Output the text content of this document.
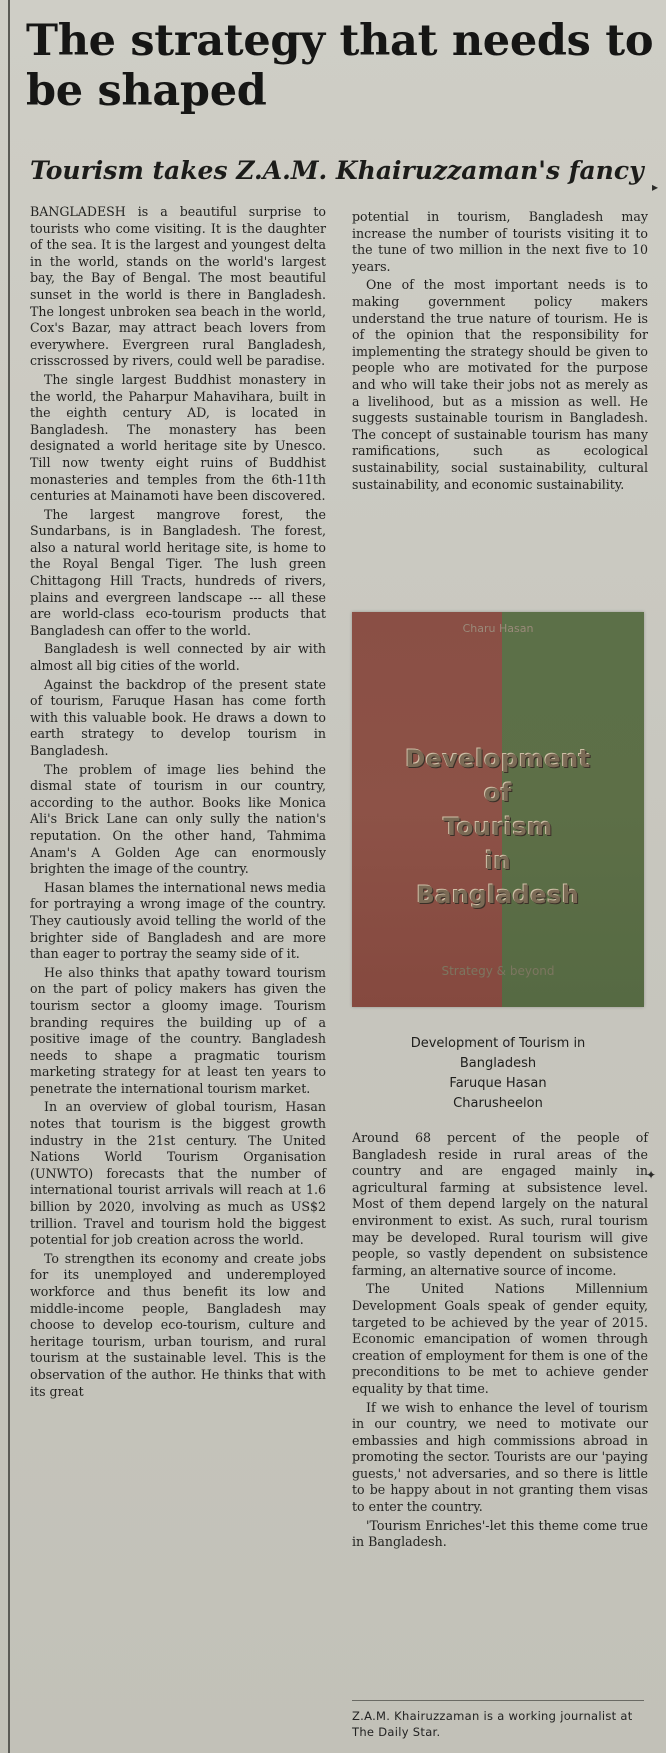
The strategy that needs to be shaped
Tourism takes Z.A.M. Khairuzzaman's fancy

BANGLADESH is a beautiful surprise to tourists who come visiting. It is the daughter of the sea. It is the largest and youngest delta in the world, stands on the world's largest bay, the Bay of Bengal. The most beautiful sunset in the world is there in Bangladesh. The longest unbroken sea beach in the world, Cox's Bazar, may attract beach lovers from everywhere. Evergreen rural Bangladesh, crisscrossed by rivers, could well be paradise.

The single largest Buddhist monastery in the world, the Paharpur Mahavihara, built in the eighth century AD, is located in Bangladesh. The monastery has been designated a world heritage site by Unesco. Till now twenty eight ruins of Buddhist monasteries and temples from the 6th-11th centuries at Mainamoti have been discovered.

The largest mangrove forest, the Sundarbans, is in Bangladesh. The forest, also a natural world heritage site, is home to the Royal Bengal Tiger. The lush green Chittagong Hill Tracts, hundreds of rivers, plains and evergreen landscape --- all these are world-class eco-tourism products that Bangladesh can offer to the world.

Bangladesh is well connected by air with almost all big cities of the world.

Against the backdrop of the present state of tourism, Faruque Hasan has come forth with this valuable book. He draws a down to earth strategy to develop tourism in Bangladesh.

The problem of image lies behind the dismal state of tourism in our country, according to the author. Books like Monica Ali's Brick Lane can only sully the nation's reputation. On the other hand, Tahmima Anam's A Golden Age can enormously brighten the image of the country.

Hasan blames the international news media for portraying a wrong image of the country. They cautiously avoid telling the world of the brighter side of Bangladesh and are more than eager to portray the seamy side of it.

He also thinks that apathy toward tourism on the part of policy makers has given the tourism sector a gloomy image. Tourism branding requires the building up of a positive image of the country. Bangladesh needs to shape a pragmatic tourism marketing strategy for at least ten years to penetrate the international tourism market.

In an overview of global tourism, Hasan notes that tourism is the biggest growth industry in the 21st century. The United Nations World Tourism Organisation (UNWTO) forecasts that the number of international tourist arrivals will reach at 1.6 billion by 2020, involving as much as US$2 trillion. Travel and tourism hold the biggest potential for job creation across the world.

To strengthen its economy and create jobs for its unemployed and underemployed workforce and thus benefit its low and middle-income people, Bangladesh may choose to develop eco-tourism, culture and heritage tourism, urban tourism, and rural tourism at the sustainable level. This is the observation of the author. He thinks that with its great

potential in tourism, Bangladesh may increase the number of tourists visiting it to the tune of two million in the next five to 10 years.

One of the most important needs is to making government policy makers understand the true nature of tourism. He is of the opinion that the responsibility for implementing the strategy should be given to people who are motivated for the purpose and who will take their jobs not as merely as a livelihood, but as a mission as well. He suggests sustainable tourism in Bangladesh. The concept of sustainable tourism has many ramifications, such as ecological sustainability, social sustainability, cultural sustainability, and economic sustainability.

Charu Hasan
Development
of
Tourism
in
Bangladesh
Strategy & beyond
Development of Tourism in
Bangladesh
Faruque Hasan
Charusheelon

Around 68 percent of the people of Bangladesh reside in rural areas of the country and are engaged mainly in agricultural farming at subsistence level. Most of them depend largely on the natural environment to exist. As such, rural tourism may be developed. Rural tourism will give people, so vastly dependent on subsistence farming, an alternative source of income.

The United Nations Millennium Development Goals speak of gender equity, targeted to be achieved by the year of 2015. Economic emancipation of women through creation of employment for them is one of the preconditions to be met to achieve gender equality by that time.

If we wish to enhance the level of tourism in our country, we need to motivate our embassies and high commissions abroad in promoting the sector. Tourists are our 'paying guests,' not adversaries, and so there is little to be happy about in not granting them visas to enter the country.

'Tourism Enriches'-let this theme come true in Bangladesh.

Z.A.M. Khairuzzaman is a working journalist at The Daily Star.
▸
✦
